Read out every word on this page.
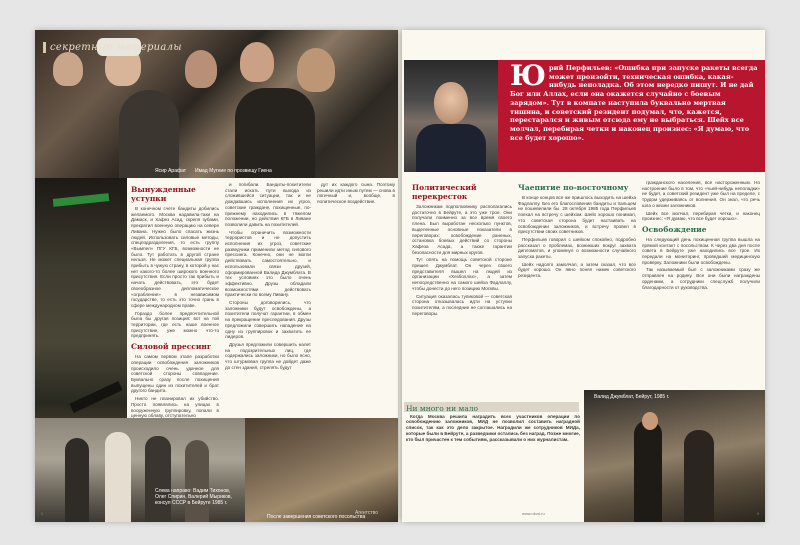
секретные материалы
Ясир Арафат Имад Мугние по прозвищу Гиена
Вынужденные уступки

В конечном счете бандиты добились желаемого. Москва надавила-таки на Дамаск, и Хафез Асад, скрепя зубами, прекратил военную операцию на севере Ливана. Нужно было спасать жизнь людей. Использовать силовые методы, спецподразделения, то есть группу «Вымпел» ПГУ КГБ, возможности не было. Тут работать в другой стране нельзя. Не может специальная группа прибыть в чужую страну, в которой у нас нет какого-то более широкого военного присутствия. Если просто так прибыть и начать действовать, это будет своеобразное дипломатическое «ограбление» в независимом государстве, то есть это точно грань в сфере международном праве.

Гораздо более предпочтительной была бы другая позиция: вот на той территории, где есть наше военное присутствие, уже можно что-то предпринять.

Силовой прессинг

На самом первом этапе разработки операции освобождения заложников происходило очень удачное для советской стороны совпадение. Буквально сразу после похищения выпущены один из похитителей и брат другого бандита.

Никто не планировал их убийство. Просто появлялись на улицах в вооруженную группировку, попали в ценную облаву, отступательно

и погибали. Бандиты-похитители стали искать пути выхода из сложившейся ситуации, так и не дождавшись исполнения их угроз, советские граждане, похищенные, по-прежнему находились в тяжелом положении, но действия КГБ в Ливане позволили давить на похитителей.

Чтобы ограничить возможности террористов и не допустить исполнения их угроз, советские разведчики применили метод силового прессинга. Конечно, они не могли действовать самостоятельно, и использовали связи друзей, сформированной Валида Джумблата. В тех условиях это было очень эффективно. Друзы обладали возможностями действовать практически по всему Ливану.

Стороны договорились, что заложники будут освобождены, а похитители получат гарантии, в обмен на прекращение преследования. Друзы предложили совершить нападение на одну из группировок и захватить ее лидеров.

Друзья предложили совершить налет на подозрительных лиц, где содержались заложники, но было ясно, что штурмовая группа не дойдет даже до стен здания, стрелять будут

дут их каждого сына. Поэтому решили идти иным путем — снова в логичный и, вообще, в политическое воздействие.

Слева направо: Вадим Тихонов, Олег Спирин, Валерий Мыриков, консул СССР в Бейруте 1985 г.
После завершения советского посольства
Агентство
8
Юрий Перфильев: «Ошибка при запуске ракеты всегда может произойти, техническая ошибка, какая-нибудь неполадка. Об этом нередко пишут. И не дай Бог или Аллах, если она окажется случайно с боевым зарядом». Тут в компате наступила буквально мертвая тишина, и советский резидент подумал, что, кажется, перестарался и живым отсюда ему не выбраться. Шейх все молчал, перебирая четки и наконец произнес: «Я думаю, что все будет хорошо».
Политический перекресток

Заложникам подполковнику располагались достаточно в Бейруте, а это уже трое. Они получали поименно за все время своего плена. Был выработан несколько пунктов, выделенные основные показатели в переговорах: освобождение раненых, остановка боевых действий со стороны Хафеза Асада, а также гарантии безопасности для мирных кругов.

Тут опять на помощь советской стороне пришел Джумблат. Он через своего представителя вышел на людей из организации «Хезболлах», а затем непосредственно на самого шейха Фадлаллу, чтобы донести до него позицию Москвы.

Ситуация оказалась тупиковой — советская сторона отказывалась идти на уступки похитителям, а последние не соглашались на переговоры.

Чаепитие по-восточному

В конце концов все же пришлось выходить на шейха Фадлаллу. Без его благословения бандиты и пальцем не пошевелили бы. 28 октября 1985 года Перфильев поехал на встречу с шейхом. Шейх хорошо понимал, что советская сторона будет настаивать на освобождении заложников, и встречу провел в присутствии своих советников.

Перфильев говорил с шейхом спокойно, подробно рассказал о проблемах, возникших вокруг захвата дипломатов, и упомянул о возможности случайного запуска ракеты.

Шейх надолго замолчал, а затем сказал, что все будет хорошо. Он явно понял намек советского резидента.

гражданского населения, все настороженным. Но настроение было в том, что «чьей-нибудь неполадки» не будет, а советский резидент уже был на пределе, с трудом удерживаясь от волнения. Он знал, что речь шла о жизни заложников.

Шейх все молчал, перебирая четки, и наконец произнес: «Я думаю, что все будет хорошо».

Освобождение

На следующий день похищенная группа вышла на прямой контакт с посольством. К через два дня после совета в Бейруте уже находились все трое. Их передали на мониторинг, проведший медицинскую проверку. Заложники были освобождены.

Так называемый был с заложниками сразу же отправлен на родину. Все они были награждены орденами, а сотрудники спецслужб получили благодарности от руководства.

Ни много ни мало

Когда Москва решила наградить всех участников операции по освобождению заложников, МИД не позволил составить наградной список, так как это дело закрытое. Наградили же сотрудников МИДа, которые были в Бейруте, а разведчики остались без наград. Позже многие, кто был причастен к тем событиям, рассказывали о них журналистам.

Валид Джумблат, Бейрут, 1985 г.
www.nkvd.ru	9
